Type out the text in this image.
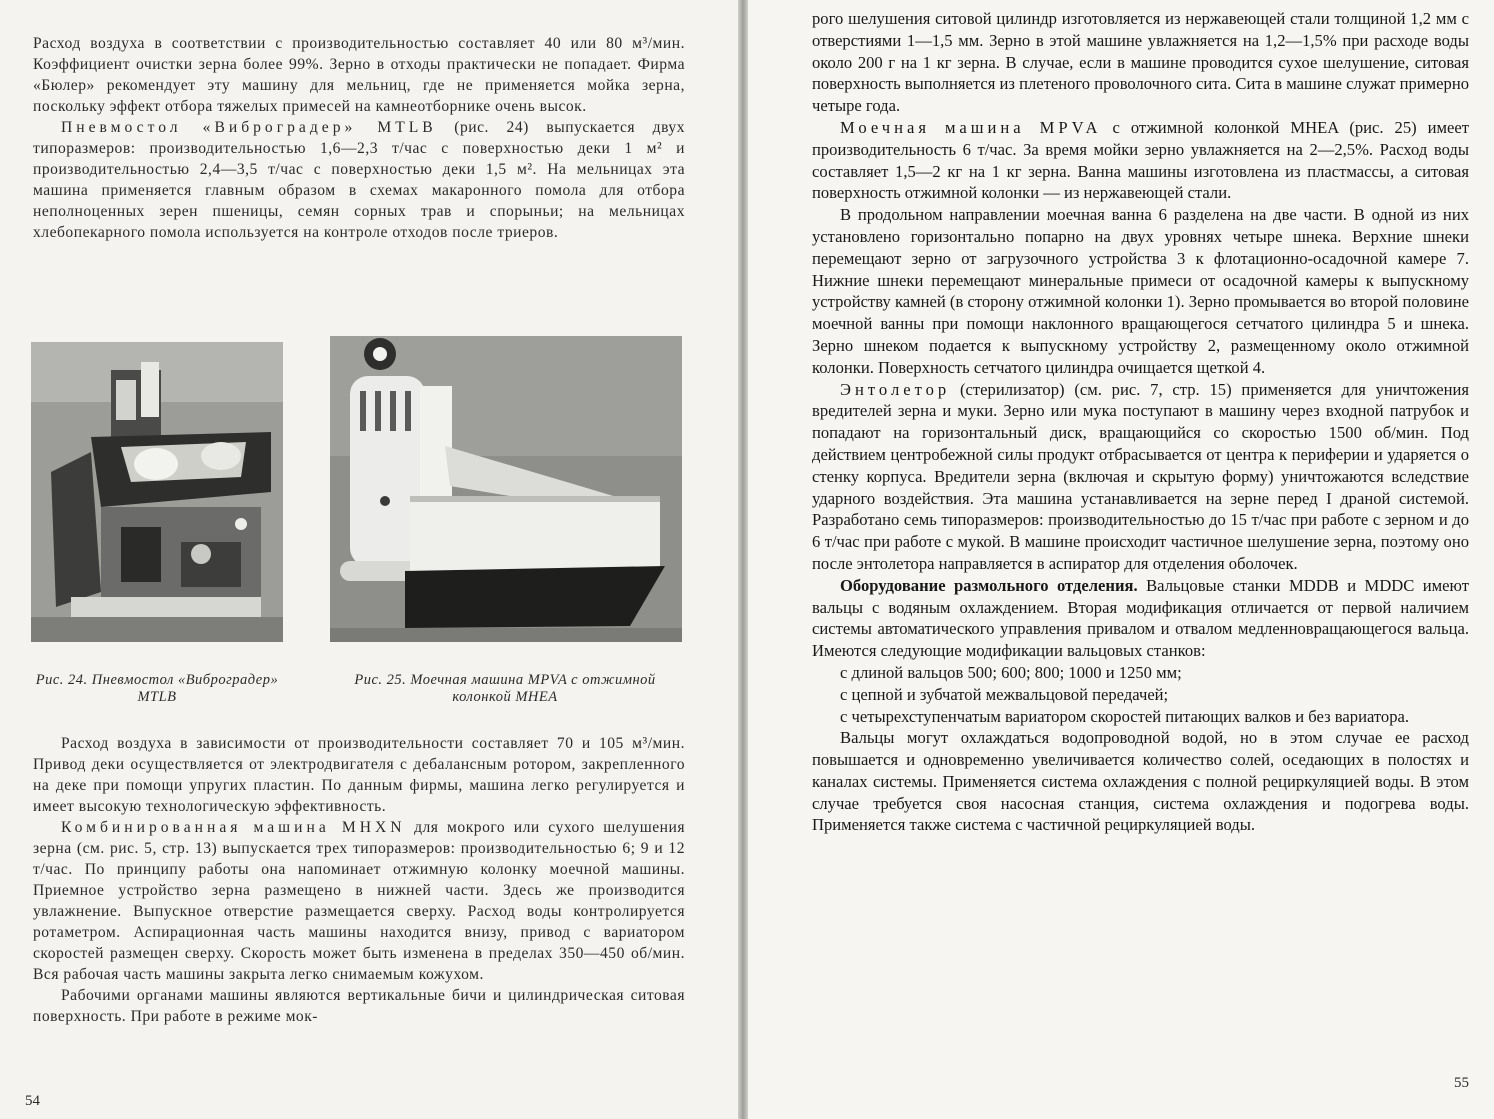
Расход воздуха в соответствии с производительностью составляет 40 или 80 м³/мин. Коэффициент очистки зерна более 99%. Зерно в отходы практически не попадает. Фирма «Бюлер» рекомендует эту машину для мельниц, где не применяется мойка зерна, поскольку эффект отбора тяжелых примесей на камнеотборнике очень высок.

Пневмостол «Виброградер» MTLB (рис. 24) выпускается двух типоразмеров: производительностью 1,6—2,3 т/час с поверхностью деки 1 м² и производительностью 2,4—3,5 т/час с поверхностью деки 1,5 м². На мельницах эта машина применяется главным образом в схемах макаронного помола для отбора неполноценных зерен пшеницы, семян сорных трав и спорыньи; на мельницах хлебопекарного помола используется на контроле отходов после триеров.

Рис. 24. Пневмостол «Виброградер» MTLB
Рис. 25. Моечная машина MPVA с отжимной колонкой MHEA

Расход воздуха в зависимости от производительности составляет 70 и 105 м³/мин. Привод деки осуществляется от электродвигателя с дебалансным ротором, закрепленного на деке при помощи упругих пластин. По данным фирмы, машина легко регулируется и имеет высокую технологическую эффективность.

Комбинированная машина MHXN для мокрого или сухого шелушения зерна (см. рис. 5, стр. 13) выпускается трех типоразмеров: производительностью 6; 9 и 12 т/час. По принципу работы она напоминает отжимную колонку моечной машины. Приемное устройство зерна размещено в нижней части. Здесь же производится увлажнение. Выпускное отверстие размещается сверху. Расход воды контролируется ротаметром. Аспирационная часть машины находится внизу, привод с вариатором скоростей размещен сверху. Скорость может быть изменена в пределах 350—450 об/мин. Вся рабочая часть машины закрыта легко снимаемым кожухом.

Рабочими органами машины являются вертикальные бичи и цилиндрическая ситовая поверхность. При работе в режиме мок-

54

рого шелушения ситовой цилиндр изготовляется из нержавеющей стали толщиной 1,2 мм с отверстиями 1—1,5 мм. Зерно в этой машине увлажняется на 1,2—1,5% при расходе воды около 200 г на 1 кг зерна. В случае, если в машине проводится сухое шелушение, ситовая поверхность выполняется из плетеного проволочного сита. Сита в машине служат примерно четыре года.

Моечная машина MPVA с отжимной колонкой MHEA (рис. 25) имеет производительность 6 т/час. За время мойки зерно увлажняется на 2—2,5%. Расход воды составляет 1,5—2 кг на 1 кг зерна. Ванна машины изготовлена из пластмассы, а ситовая поверхность отжимной колонки — из нержавеющей стали.

В продольном направлении моечная ванна 6 разделена на две части. В одной из них установлено горизонтально попарно на двух уровнях четыре шнека. Верхние шнеки перемещают зерно от загрузочного устройства 3 к флотационно-осадочной камере 7. Нижние шнеки перемещают минеральные примеси от осадочной камеры к выпускному устройству камней (в сторону отжимной колонки 1). Зерно промывается во второй половине моечной ванны при помощи наклонного вращающегося сетчатого цилиндра 5 и шнека. Зерно шнеком подается к выпускному устройству 2, размещенному около отжимной колонки. Поверхность сетчатого цилиндра очищается щеткой 4.

Энтолетор (стерилизатор) (см. рис. 7, стр. 15) применяется для уничтожения вредителей зерна и муки. Зерно или мука поступают в машину через входной патрубок и попадают на горизонтальный диск, вращающийся со скоростью 1500 об/мин. Под действием центробежной силы продукт отбрасывается от центра к периферии и ударяется о стенку корпуса. Вредители зерна (включая и скрытую форму) уничтожаются вследствие ударного воздействия. Эта машина устанавливается на зерне перед I драной системой. Разработано семь типоразмеров: производительностью до 15 т/час при работе с зерном и до 6 т/час при работе с мукой. В машине происходит частичное шелушение зерна, поэтому оно после энтолетора направляется в аспиратор для отделения оболочек.

Оборудование размольного отделения. Вальцовые станки MDDB и MDDC имеют вальцы с водяным охлаждением. Вторая модификация отличается от первой наличием системы автоматического управления привалом и отвалом медленновращающегося вальца. Имеются следующие модификации вальцовых станков:

с длиной вальцов 500; 600; 800; 1000 и 1250 мм;

с цепной и зубчатой межвальцовой передачей;

с четырехступенчатым вариатором скоростей питающих валков и без вариатора.

Вальцы могут охлаждаться водопроводной водой, но в этом случае ее расход повышается и одновременно увеличивается количество солей, оседающих в полостях и каналах системы. Применяется система охлаждения с полной рециркуляцией воды. В этом случае требуется своя насосная станция, система охлаждения и подогрева воды. Применяется также система с частичной рециркуляцией воды.

55
